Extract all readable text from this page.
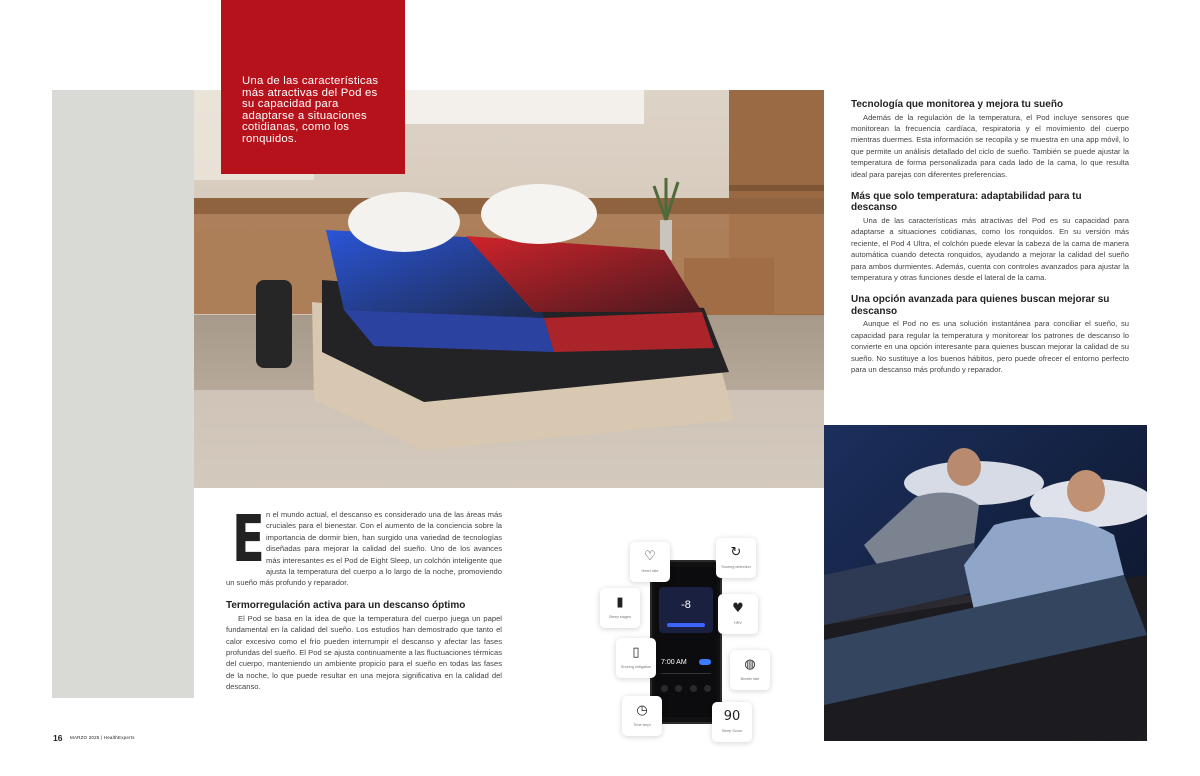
Una de las características más atractivas del Pod es su capacidad para adaptarse a situaciones cotidianas, como los ronquidos.

Tecnología que monitorea y mejora tu sueño

Además de la regulación de la temperatura, el Pod incluye sensores que monitorean la frecuencia cardíaca, respiratoria y el movimiento del cuerpo mientras duermes. Esta información se recopila y se muestra en una app móvil, lo que permite un análisis detallado del ciclo de sueño. También se puede ajustar la temperatura de forma personalizada para cada lado de la cama, lo que resulta ideal para parejas con diferentes preferencias.

Más que solo temperatura: adaptabilidad para tu descanso

Una de las características más atractivas del Pod es su capacidad para adaptarse a situaciones cotidianas, como los ronquidos. En su versión más reciente, el Pod 4 Ultra, el colchón puede elevar la cabeza de la cama de manera automática cuando detecta ronquidos, ayudando a mejorar la calidad del sueño para ambos durmientes. Además, cuenta con controles avanzados para ajustar la temperatura y otras funciones desde el lateral de la cama.

Una opción avanzada para quienes buscan mejorar su descanso

Aunque el Pod no es una solución instantánea para conciliar el sueño, su capacidad para regular la temperatura y monitorear los patrones de descanso lo convierte en una opción interesante para quienes buscan mejorar la calidad de su sueño. No sustituye a los buenos hábitos, pero puede ofrecer el entorno perfecto para un descanso más profundo y reparador.

E n el mundo actual, el descanso es considerado una de las áreas más cruciales para el bienestar. Con el aumento de la conciencia sobre la importancia de dormir bien, han surgido una variedad de tecnologías diseñadas para mejorar la calidad del sueño. Uno de los avances más interesantes es el Pod de Eight Sleep, un colchón inteligente que ajusta la temperatura del cuerpo a lo largo de la noche, promoviendo un sueño más profundo y reparador.

Termorregulación activa para un descanso óptimo

El Pod se basa en la idea de que la temperatura del cuerpo juega un papel fundamental en la calidad del sueño. Los estudios han demostrado que tanto el calor excesivo como el frío pueden interrumpir el descanso y afectar las fases profundas del sueño. El Pod se ajusta continuamente a las fluctuaciones térmicas del cuerpo, manteniendo un ambiente propicio para el sueño en todas las fases de la noche, lo que puede resultar en una mejora significativa en la calidad del descanso.

-8
7:00 AM
♡
Heart rate
↻
Snoring detection
▮
Sleep stages
♥
HRV
▯
Snoring mitigation	◍
Breath rate
◷
Time slept
90
Sleep Score
16 MARZO 2025 | HealthExperts	HealthExperts | MARZO 2025 17
